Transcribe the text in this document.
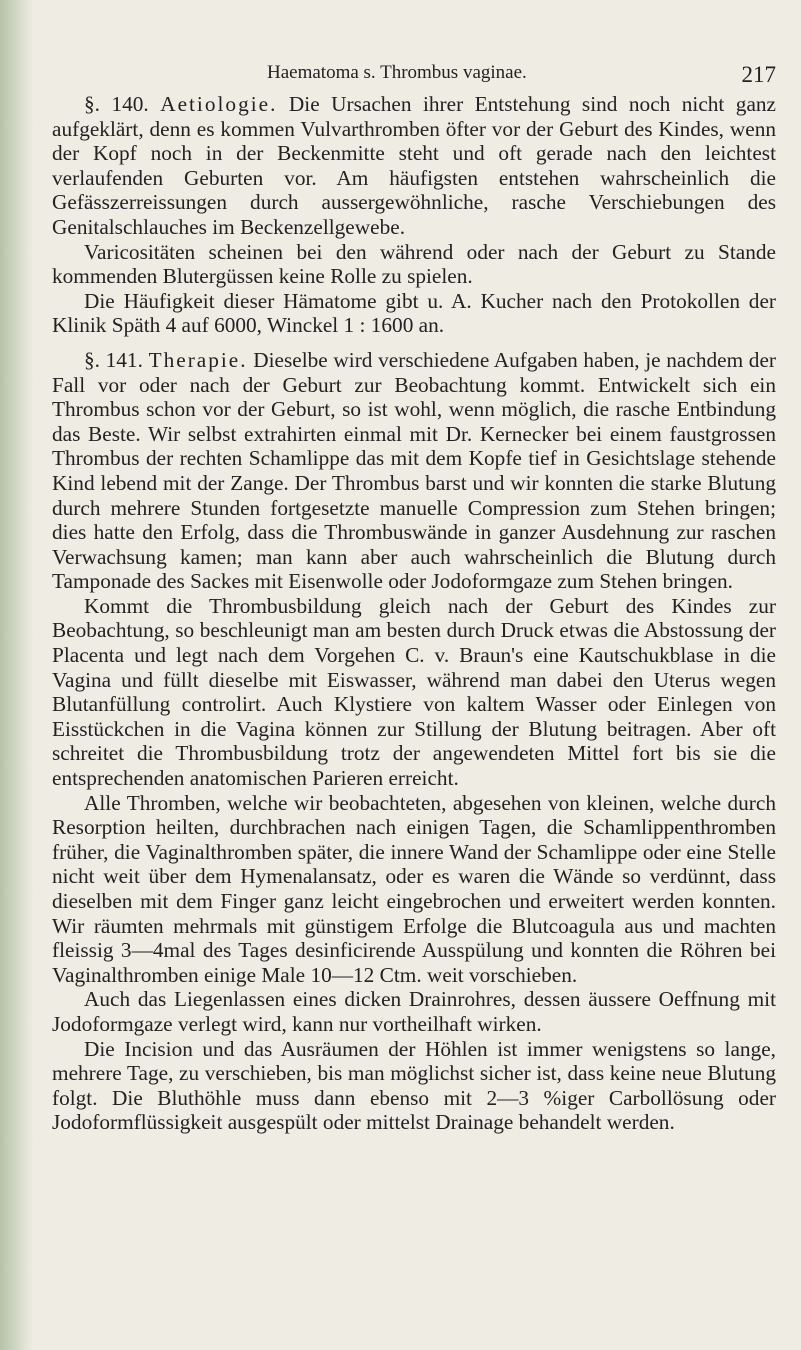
Haematoma s. Thrombus vaginae.	217

§. 140. Aetiologie. Die Ursachen ihrer Entstehung sind noch nicht ganz aufgeklärt, denn es kommen Vulvarthromben öfter vor der Geburt des Kindes, wenn der Kopf noch in der Beckenmitte steht und oft gerade nach den leichtest verlaufenden Geburten vor. Am häufigsten entstehen wahrscheinlich die Gefässzerreissungen durch aussergewöhnliche, rasche Verschiebungen des Genitalschlauches im Beckenzellgewebe.

Varicositäten scheinen bei den während oder nach der Geburt zu Stande kommenden Blutergüssen keine Rolle zu spielen.

Die Häufigkeit dieser Hämatome gibt u. A. Kucher nach den Protokollen der Klinik Späth 4 auf 6000, Winckel 1 : 1600 an.

§. 141. Therapie. Dieselbe wird verschiedene Aufgaben haben, je nachdem der Fall vor oder nach der Geburt zur Beobachtung kommt. Entwickelt sich ein Thrombus schon vor der Geburt, so ist wohl, wenn möglich, die rasche Entbindung das Beste. Wir selbst extrahirten einmal mit Dr. Kernecker bei einem faustgrossen Thrombus der rechten Schamlippe das mit dem Kopfe tief in Gesichtslage stehende Kind lebend mit der Zange. Der Thrombus barst und wir konnten die starke Blutung durch mehrere Stunden fortgesetzte manuelle Compression zum Stehen bringen; dies hatte den Erfolg, dass die Thrombuswände in ganzer Ausdehnung zur raschen Verwachsung kamen; man kann aber auch wahrscheinlich die Blutung durch Tamponade des Sackes mit Eisenwolle oder Jodoformgaze zum Stehen bringen.

Kommt die Thrombusbildung gleich nach der Geburt des Kindes zur Beobachtung, so beschleunigt man am besten durch Druck etwas die Abstossung der Placenta und legt nach dem Vorgehen C. v. Braun's eine Kautschukblase in die Vagina und füllt dieselbe mit Eiswasser, während man dabei den Uterus wegen Blutanfüllung controlirt. Auch Klystiere von kaltem Wasser oder Einlegen von Eisstückchen in die Vagina können zur Stillung der Blutung beitragen. Aber oft schreitet die Thrombusbildung trotz der angewendeten Mittel fort bis sie die entsprechenden anatomischen Parieren erreicht.

Alle Thromben, welche wir beobachteten, abgesehen von kleinen, welche durch Resorption heilten, durchbrachen nach einigen Tagen, die Schamlippenthromben früher, die Vaginalthromben später, die innere Wand der Schamlippe oder eine Stelle nicht weit über dem Hymenalansatz, oder es waren die Wände so verdünnt, dass dieselben mit dem Finger ganz leicht eingebrochen und erweitert werden konnten. Wir räumten mehrmals mit günstigem Erfolge die Blutcoagula aus und machten fleissig 3—4mal des Tages desinficirende Ausspülung und konnten die Röhren bei Vaginalthromben einige Male 10—12 Ctm. weit vorschieben.

Auch das Liegenlassen eines dicken Drainrohres, dessen äussere Oeffnung mit Jodoformgaze verlegt wird, kann nur vortheilhaft wirken.

Die Incision und das Ausräumen der Höhlen ist immer wenigstens so lange, mehrere Tage, zu verschieben, bis man möglichst sicher ist, dass keine neue Blutung folgt. Die Bluthöhle muss dann ebenso mit 2—3 %iger Carbollösung oder Jodoformflüssigkeit ausgespült oder mittelst Drainage behandelt werden.
